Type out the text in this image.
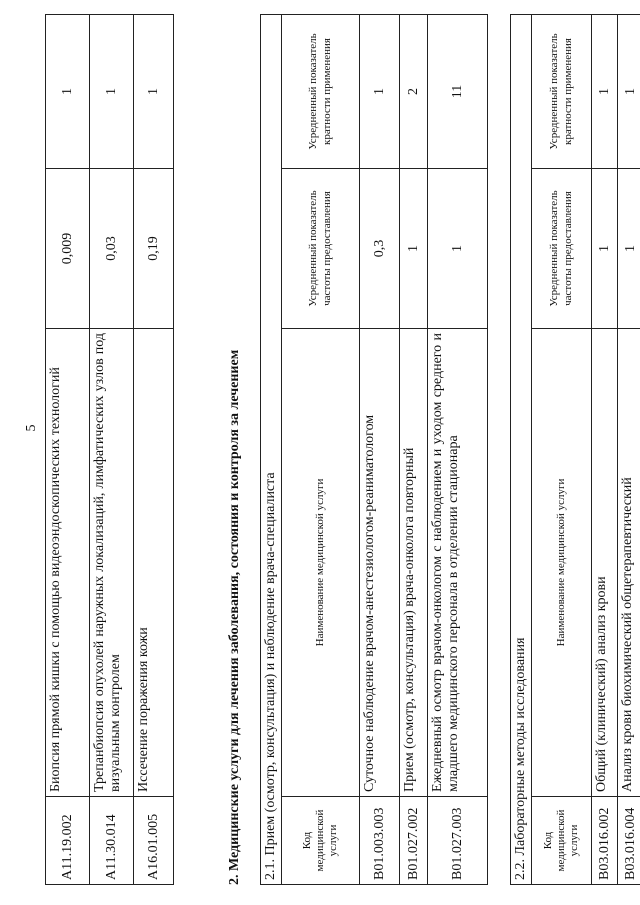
5
А11.19.002	Биопсия прямой кишки с помощью видеоэндоскопических технологий	0,009	1
А11.30.014	Трепанбиопсия опухолей наружных локализаций, лимфатических узлов под визуальным контролем	0,03	1
А16.01.005	Иссечение поражения кожи	0,19	1
2. Медицинские услуги для лечения заболевания, состояния и контроля за лечением 2.1. Прием (осмотр, консультация) и наблюдение врача-специалиста			
Код медицинской услуги	Наименование медицинской услуги	Усредненный показатель частоты предоставления	Усредненный показатель кратности применения
В01.003.003	Суточное наблюдение врачом-анестезиологом-реаниматологом	0,3	1
В01.027.002	Прием (осмотр, консультация) врача-онколога повторный	1	2
В01.027.003	Ежедневный осмотр врачом-онкологом с наблюдением и уходом среднего и младшего медицинского персонала в отделении стационара	1	11
2.2. Лабораторные методы исследования			
Код медицинской услуги	Наименование медицинской услуги	Усредненный показатель частоты предоставления	Усредненный показатель кратности применения
В03.016.002	Общий (клинический) анализ крови	1	1
В03.016.004	Анализ крови биохимический общетерапевтический	1	1
